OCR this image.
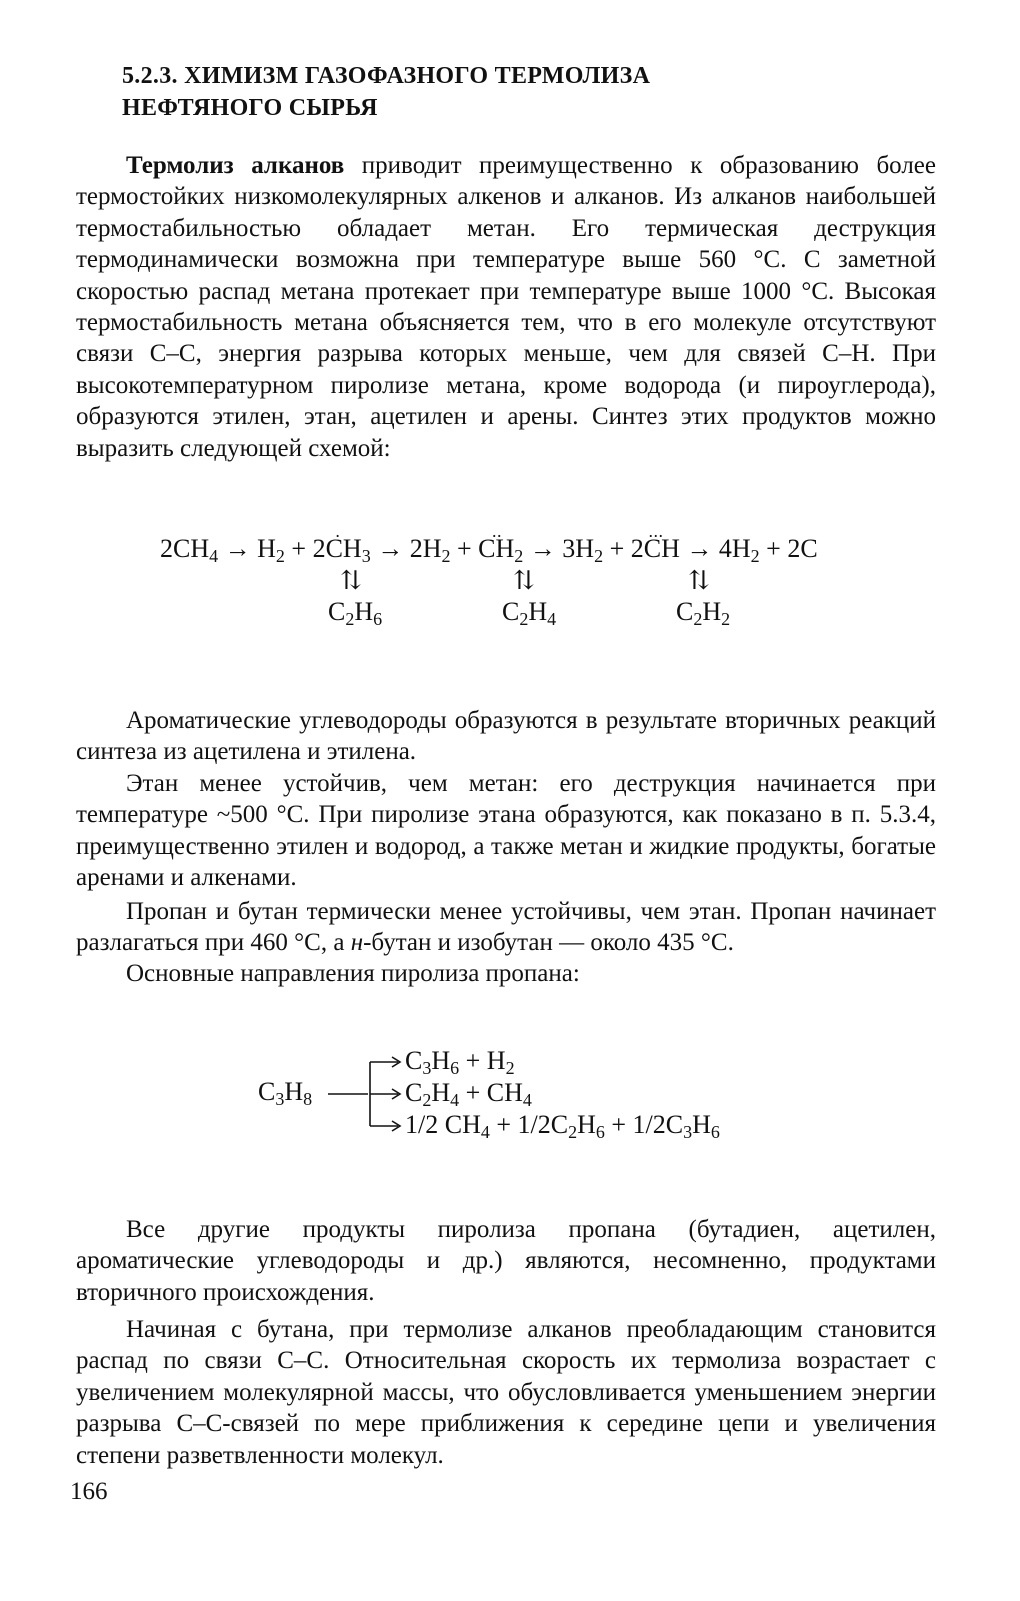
5.2.3. ХИМИЗМ ГАЗОФАЗНОГО ТЕРМОЛИЗА
НЕФТЯНОГО СЫРЬЯ

Термолиз алканов приводит преимущественно к образованию более термостойких низкомолекулярных алкенов и алканов. Из алканов наибольшей термостабильностью обладает метан. Его термическая деструкция термодинамически возможна при температуре выше 560 °С. С заметной скоростью распад метана протекает при температуре выше 1000 °С. Высокая термостабильность метана объясняется тем, что в его молекуле отсутствуют связи С–С, энергия разрыва которых меньше, чем для связей С–Н. При высокотемпературном пиролизе метана, кроме водорода (и пироуглерода), образуются этилен, этан, ацетилен и арены. Синтез этих продуктов можно выразить следующей схемой:

$2CH_4 \to H_2$ + · $2CH_3 \to 2H_2$ + ·· $CH_2 \to 3H_2$ + ··· $2CH \to 4H_2 + 2C$
⇅	⇅	⇅
$C_2H_6$	$C_2H_4$	$C_2H_2$

Ароматические углеводороды образуются в результате вторичных реакций синтеза из ацетилена и этилена.

Этан менее устойчив, чем метан: его деструкция начинается при температуре ~500 °С. При пиролизе этана образуются, как показано в п. 5.3.4, преимущественно этилен и водород, а также метан и жидкие продукты, богатые аренами и алкенами.

Пропан и бутан термически менее устойчивы, чем этан. Пропан начинает разлагаться при 460 °С, а н-бутан и изобутан — около 435 °С.

Основные направления пиролиза пропана:

$C_3H_8$
$C_3H_6 + H_2$
$C_2H_4 + CH_4$
1/2 $CH_4 + 1/2C_2H_6 + 1/2C_3H_6$

Все другие продукты пиролиза пропана (бутадиен, ацетилен, ароматические углеводороды и др.) являются, несомненно, продуктами вторичного происхождения.

Начиная с бутана, при термолизе алканов преобладающим становится распад по связи С–С. Относительная скорость их термолиза возрастает с увеличением молекулярной массы, что обусловливается уменьшением энергии разрыва С–С-связей по мере приближения к середине цепи и увеличения степени разветвленности молекул.

166
